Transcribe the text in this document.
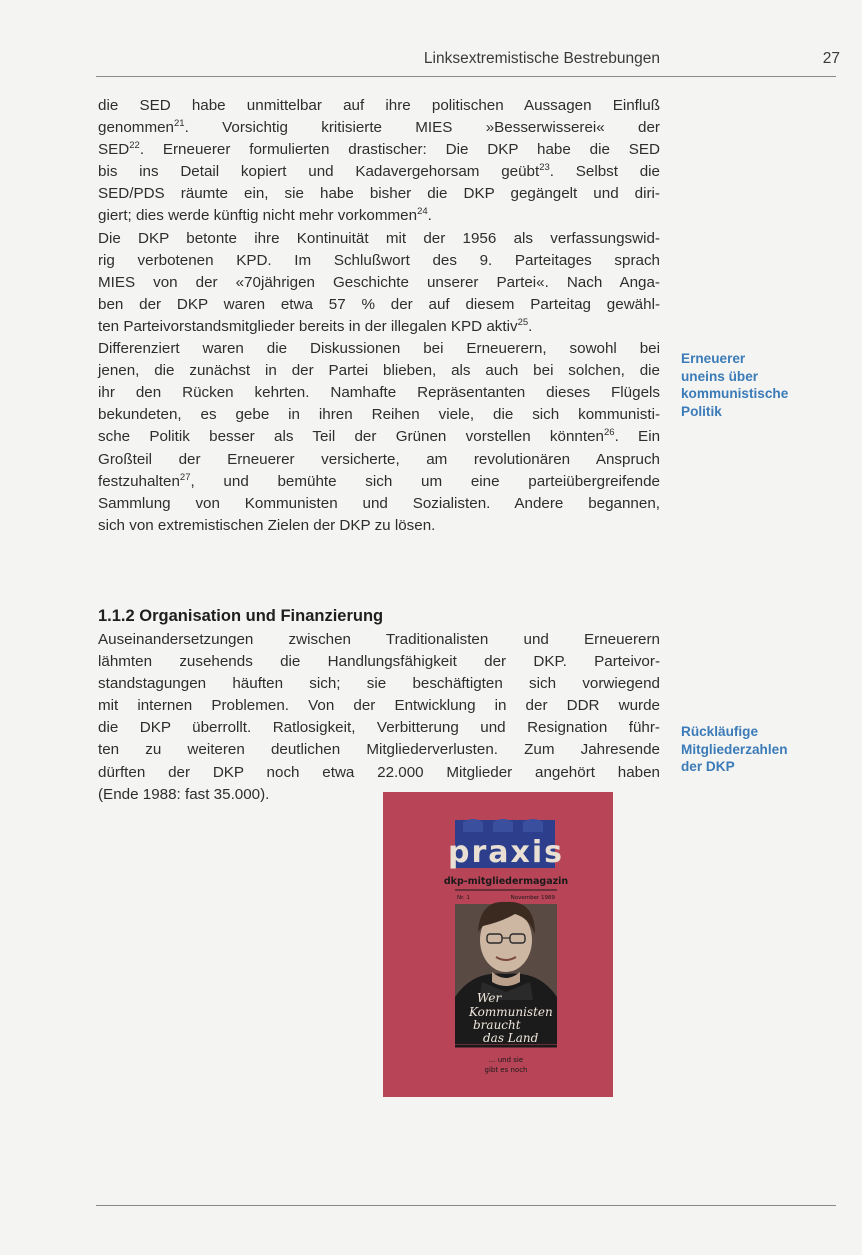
Linksextremistische Bestrebungen	27

die SED habe unmittelbar auf ihre politischen Aussagen Einfluß
genommen$^{21}$. Vorsichtig kritisierte MIES »Besserwisserei« der
SED$^{22}$. Erneuerer formulierten drastischer: Die DKP habe die SED
bis ins Detail kopiert und Kadavergehorsam geübt$^{23}$. Selbst die
SED/PDS räumte ein, sie habe bisher die DKP gegängelt und diri-
giert; dies werde künftig nicht mehr vorkommen$^{24}$.

Die DKP betonte ihre Kontinuität mit der 1956 als verfassungswid-
rig verbotenen KPD. Im Schlußwort des 9. Parteitages sprach
MIES von der «70jährigen Geschichte unserer Partei«. Nach Anga-
ben der DKP waren etwa 57 % der auf diesem Parteitag gewähl-
ten Parteivorstandsmitglieder bereits in der illegalen KPD aktiv$^{25}$.

Differenziert waren die Diskussionen bei Erneuerern, sowohl bei
jenen, die zunächst in der Partei blieben, als auch bei solchen, die
ihr den Rücken kehrten. Namhafte Repräsentanten dieses Flügels
bekundeten, es gebe in ihren Reihen viele, die sich kommunisti-
sche Politik besser als Teil der Grünen vorstellen könnten$^{26}$. Ein
Großteil der Erneuerer versicherte, am revolutionären Anspruch
festzuhalten$^{27}$, und bemühte sich um eine parteiübergreifende
Sammlung von Kommunisten und Sozialisten. Andere begannen,
sich von extremistischen Zielen der DKP zu lösen.

1.1.2 Organisation und Finanzierung

Auseinandersetzungen zwischen Traditionalisten und Erneuerern
lähmten zusehends die Handlungsfähigkeit der DKP. Parteivor-
standstagungen häuften sich; sie beschäftigten sich vorwiegend
mit internen Problemen. Von der Entwicklung in der DDR wurde
die DKP überrollt. Ratlosigkeit, Verbitterung und Resignation führ-
ten zu weiteren deutlichen Mitgliederverlusten. Zum Jahresende
dürften der DKP noch etwa 22.000 Mitglieder angehört haben
(Ende 1988: fast 35.000).

Erneuerer
uneins über
kommunistische
Politik
Rückläufige
Mitgliederzahlen
der DKP
praxis
dkp-mitgliedermagazin
Nr. 1	November 1989
Wer
Kommunisten
braucht
das Land
... und sie
gibt es noch
